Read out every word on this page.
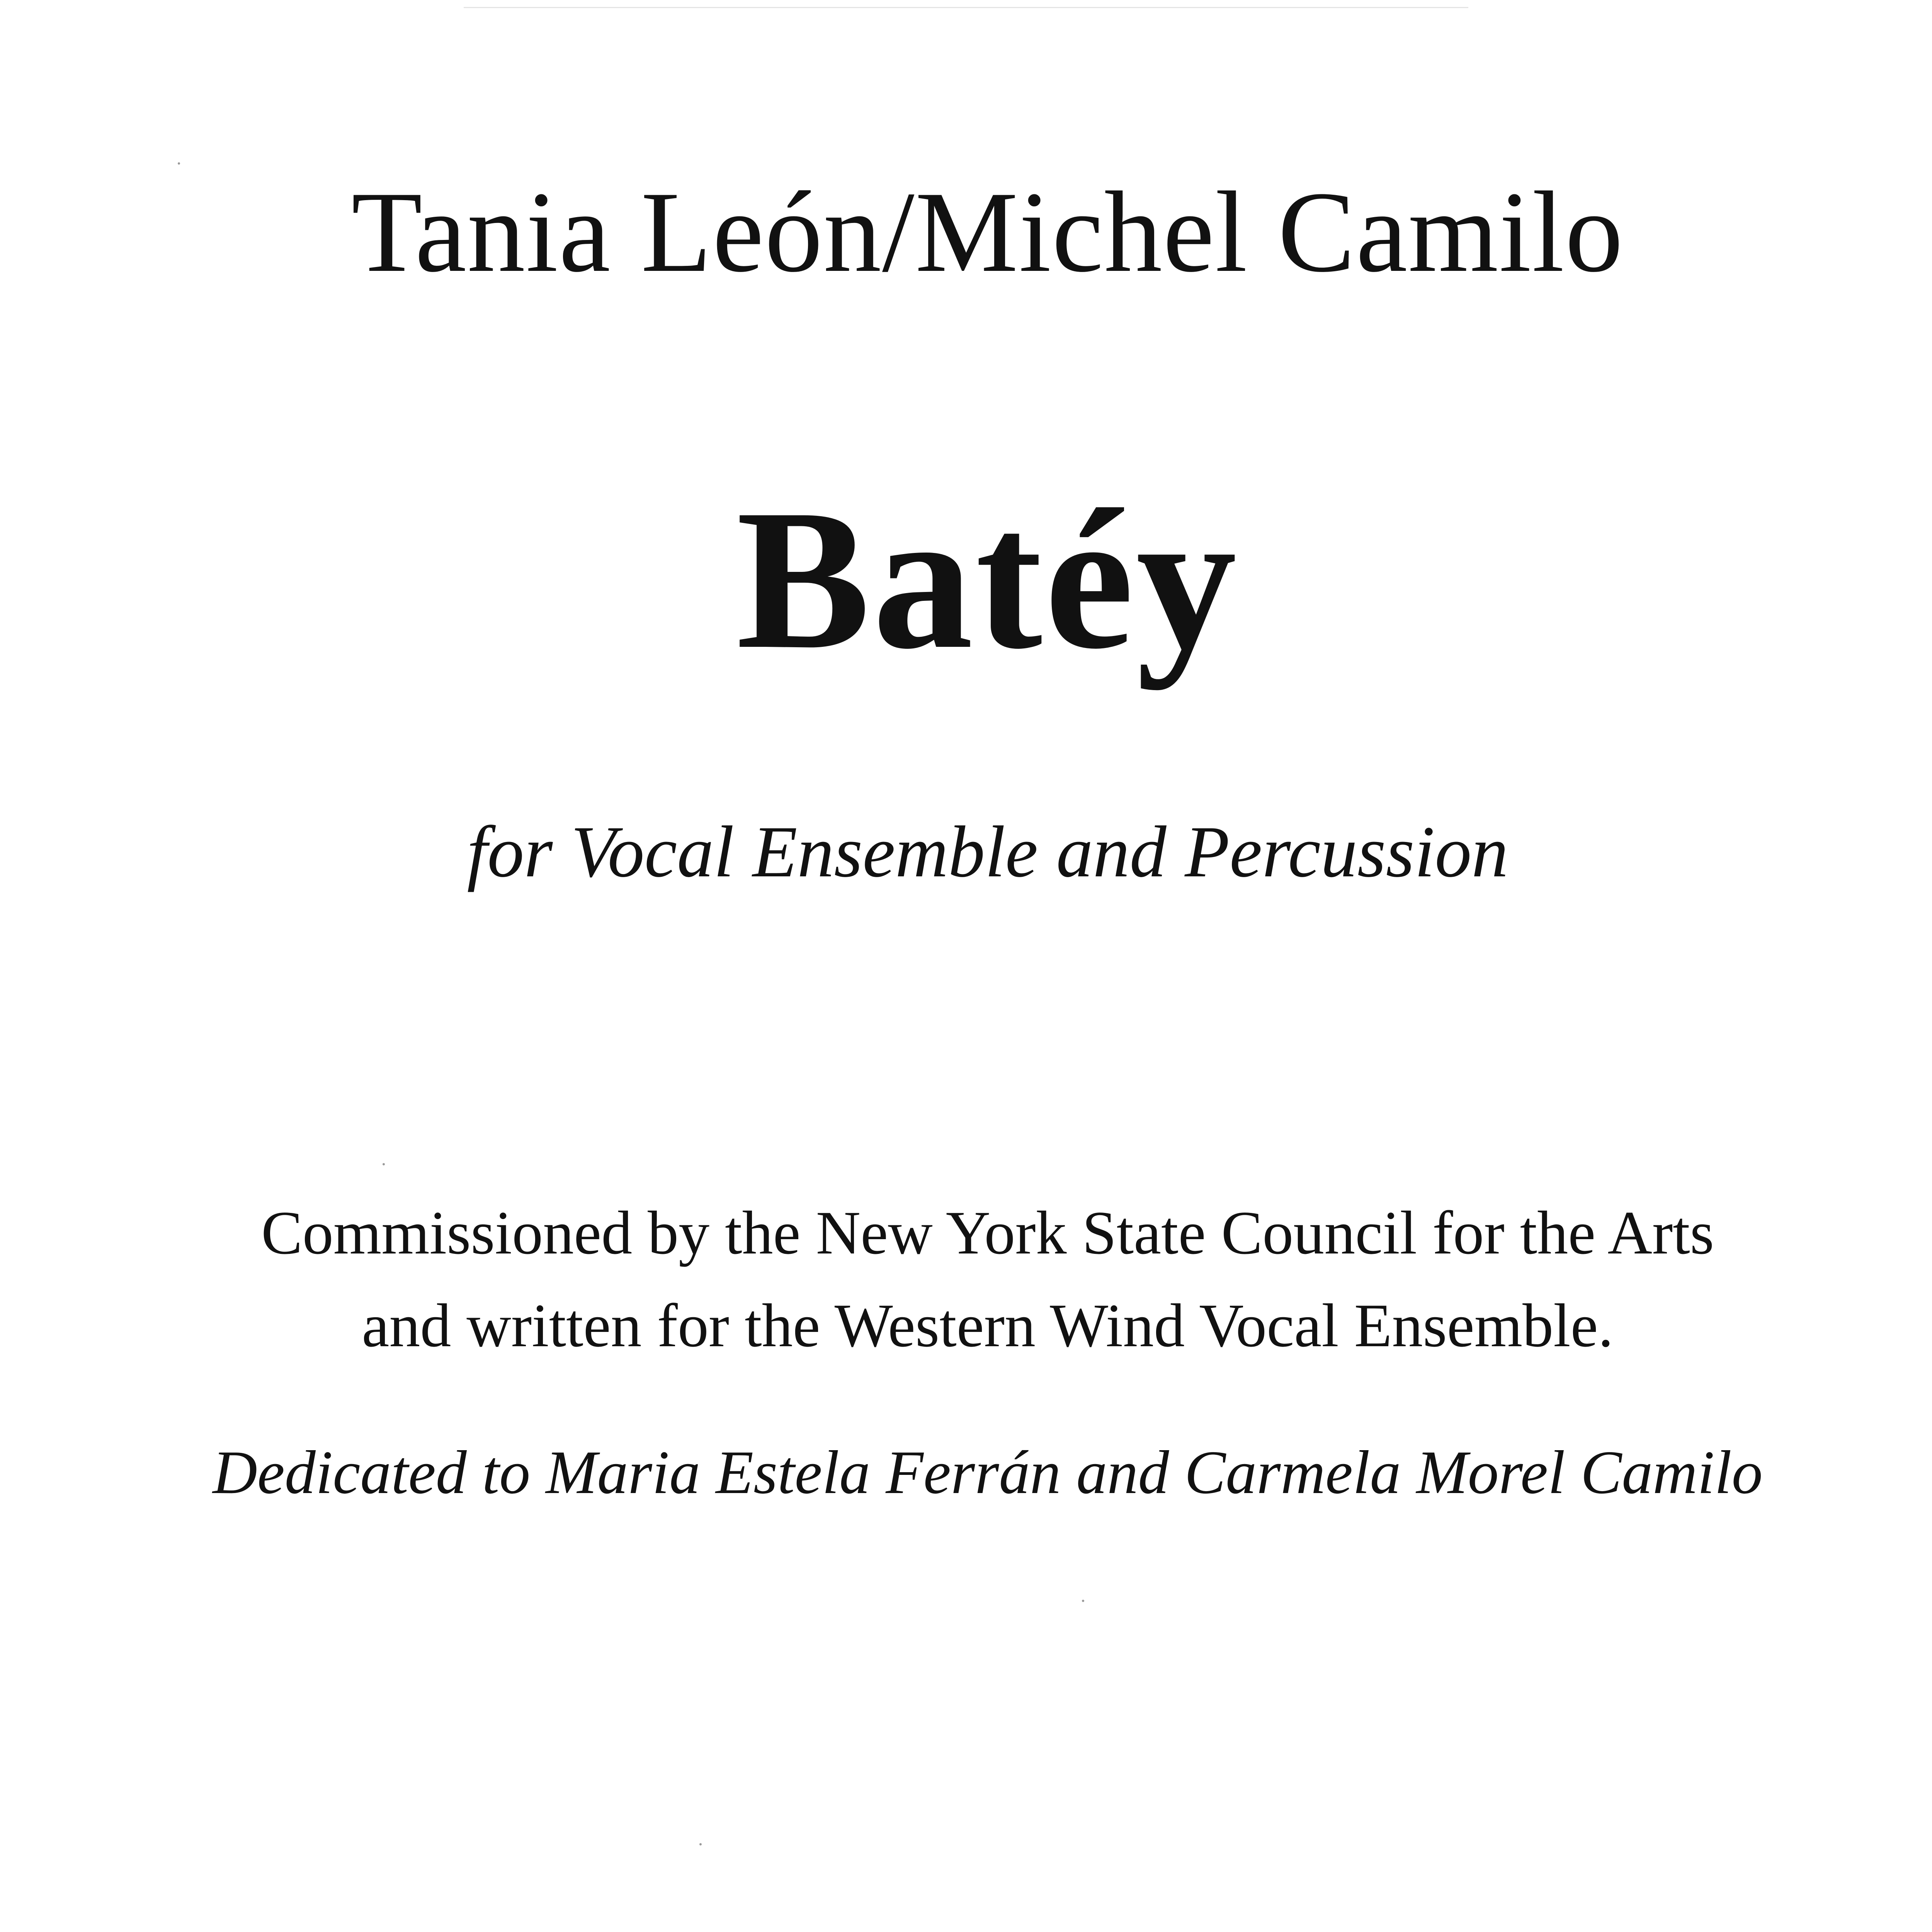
Tania León/Michel Camilo
Batéy
for Vocal Ensemble and Percussion
Commissioned by the New York State Council for the Arts
and written for the Western Wind Vocal Ensemble.
Dedicated to Maria Estela Ferrán and Carmela Morel Camilo
